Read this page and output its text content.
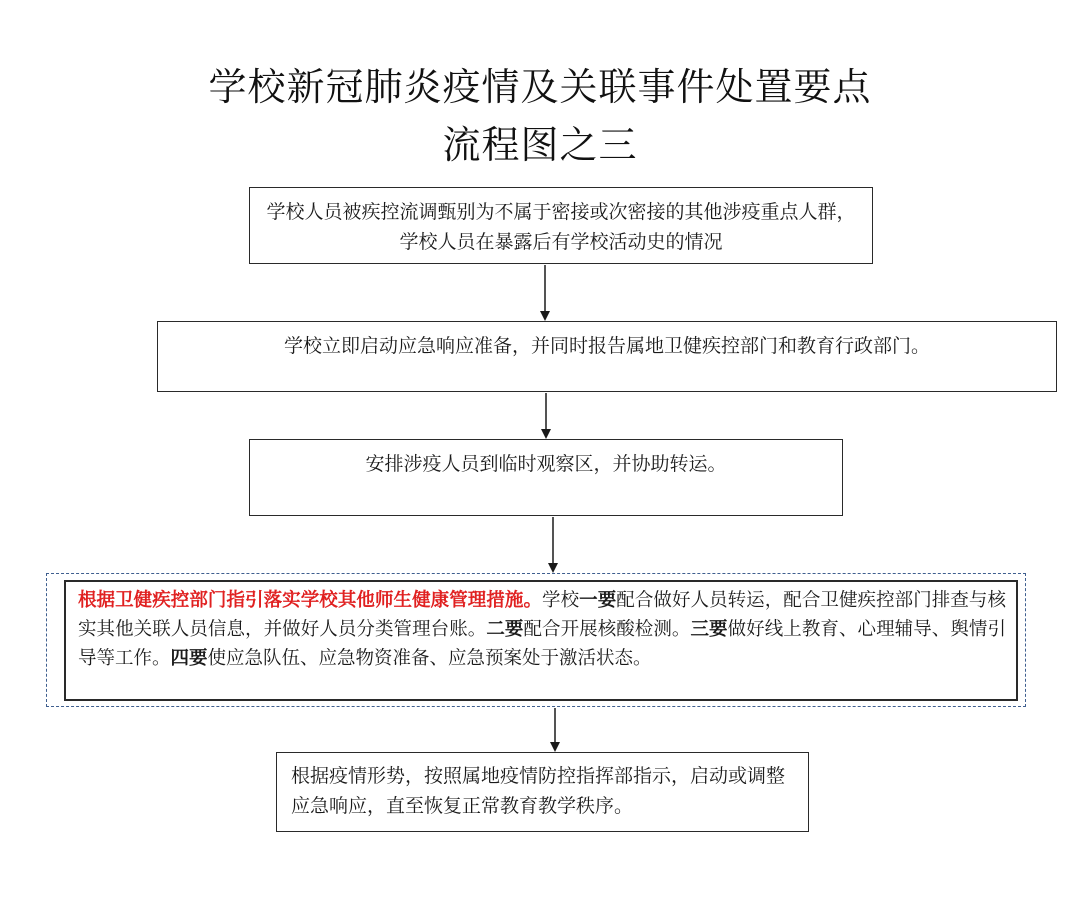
学校新冠肺炎疫情及关联事件处置要点
流程图之三
学校人员被疾控流调甄别为不属于密接或次密接的其他涉疫重点人群，学校人员在暴露后有学校活动史的情况
学校立即启动应急响应准备，并同时报告属地卫健疾控部门和教育行政部门。
安排涉疫人员到临时观察区，并协助转运。
根据卫健疾控部门指引落实学校其他师生健康管理措施。学校一要配合做好人员转运，配合卫健疾控部门排查与核实其他关联人员信息，并做好人员分类管理台账。二要配合开展核酸检测。三要做好线上教育、心理辅导、舆情引导等工作。四要使应急队伍、应急物资准备、应急预案处于激活状态。
根据疫情形势，按照属地疫情防控指挥部指示，启动或调整应急响应，直至恢复正常教育教学秩序。
